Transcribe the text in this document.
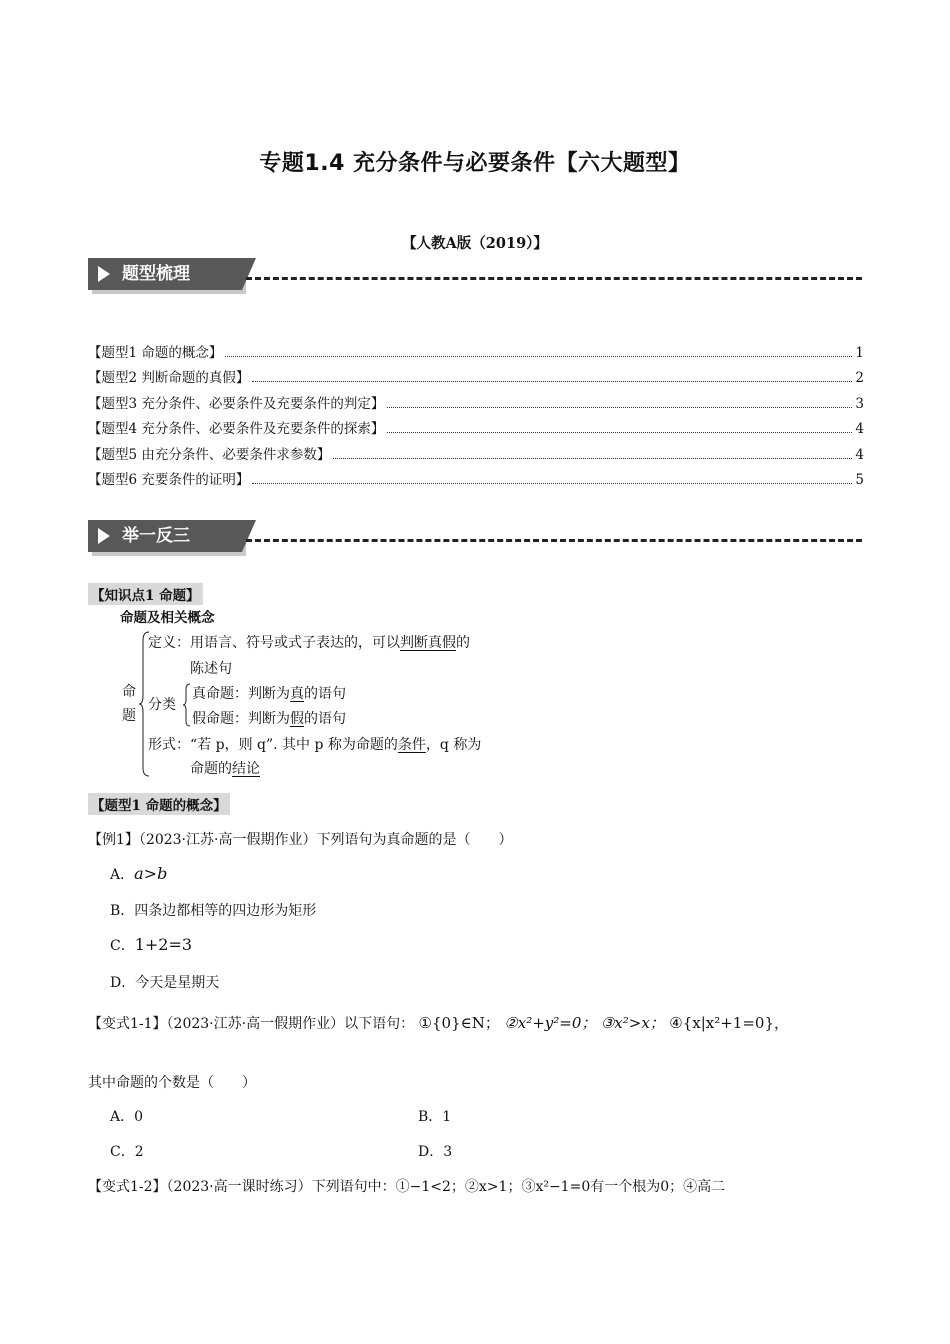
专题1.4 充分条件与必要条件【六大题型】
【人教A版（2019）】
题型梳理
【题型1 命题的概念】	1
【题型2 判断命题的真假】	2
【题型3 充分条件、必要条件及充要条件的判定】	3
【题型4 充分条件、必要条件及充要条件的探索】	4
【题型5 由充分条件、必要条件求参数】	4
【题型6 充要条件的证明】	5
举一反三
【知识点1 命题】
命题及相关概念
命题
定义：用语言、符号或式子表达的，可以判断真假的
陈述句
分类
真命题：判断为真的语句
假命题：判断为假的语句
形式：“若 p，则 q”. 其中 p 称为命题的条件，q 称为
命题的结论
【题型1 命题的概念】
【例1】（2023·江苏·高一假期作业）下列语句为真命题的是（　　）
A．a>b
B．四条边都相等的四边形为矩形
C．1+2=3
D．今天是星期天
【变式1-1】（2023·江苏·高一假期作业）以下语句： ①{0}∈N； ②x²+y²=0； ③x²>x； ④{x|x²+1=0}，
其中命题的个数是（　　）
A．0	B．1
C．2	D．3
【变式1-2】（2023·高一课时练习）下列语句中：①−1<2；②x>1；③x²−1=0有一个根为0；④高二
